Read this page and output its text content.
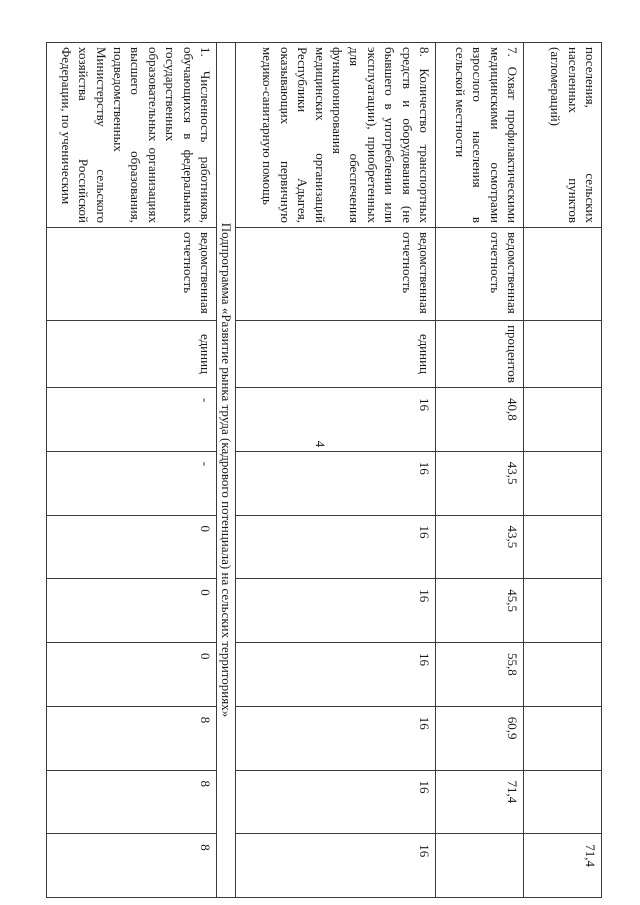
4
поселения, сельских населенных пунктов (агломераций)										71,4
7. Охват профилактическими медицинскими осмотрами взрослого населения в сельской местности	ведомственная отчетность	процентов	40,8	43,5	43,5	45,5	55,8	60,9	71,4	
8. Количество транспортных средств и оборудования (не бывшего в употреблении или эксплуатации), приобретенных для обеспечения функционирования медицинских организаций Республики Адыгея, оказывающих первичную медико-санитарную помощь	ведомственная отчетность	единиц	16	16	16	16	16	16	16	16
Подпрограмма «Развитие рынка труда (кадрового потенциала) на сельских территориях»										
1. Численность работников, обучающихся в федеральных государственных образовательных организациях высшего образования, подведомственных Министерству сельского хозяйства Российской Федерации, по ученическим	ведомственная отчетность	единиц	-	-	0	0	0	8	8	8
